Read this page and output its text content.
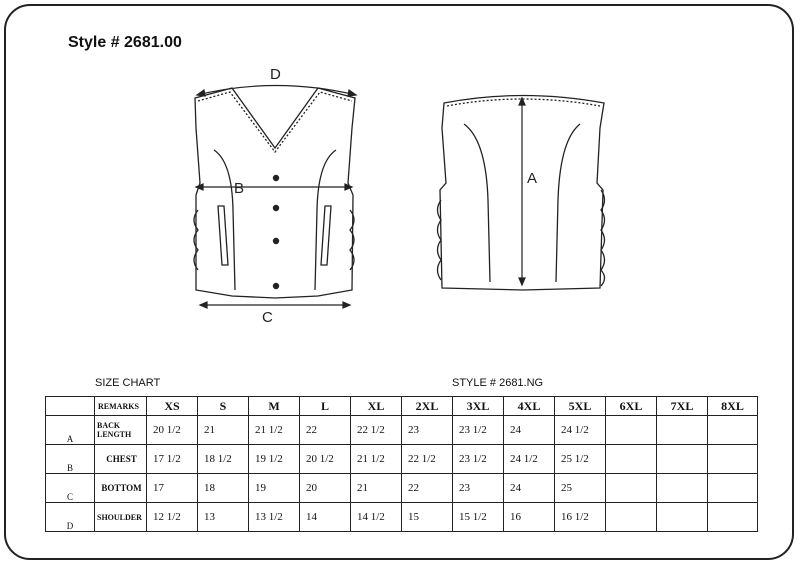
Style # 2681.00
D
B
C
A
SIZE CHART	STYLE # 2681.NG
	REMARKS	XS	S	M	L	XL	2XL	3XL	4XL	5XL	6XL	7XL	8XL
A	BACK LENGTH	20 1/2	21	21 1/2	22	22 1/2	23	23 1/2	24	24 1/2			
B	CHEST	17 1/2	18 1/2	19 1/2	20 1/2	21 1/2	22 1/2	23 1/2	24 1/2	25 1/2			
C	BOTTOM	17	18	19	20	21	22	23	24	25			
D	SHOULDER	12 1/2	13	13 1/2	14	14 1/2	15	15 1/2	16	16 1/2			
